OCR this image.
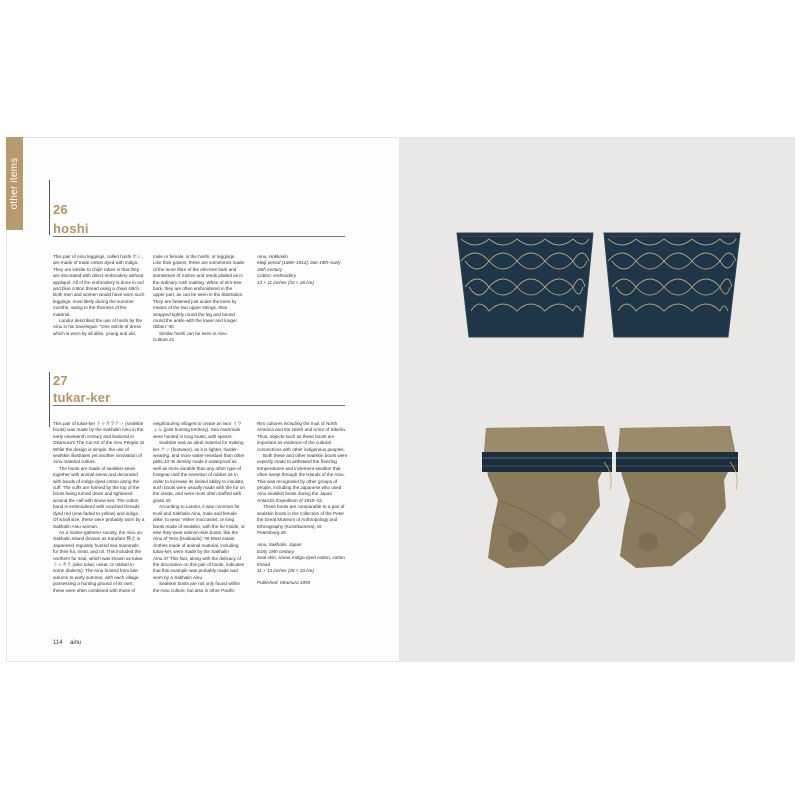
other items
26
hoshi

This pair of Ainu leggings, called hoshi ホシ, are made of trade cotton dyed with indigo. They are similar to chijiri robes in that they are decorated with direct embroidery without appliqué. All of the embroidery is done in red and blue cotton thread using a chain stitch. Both men and women would have worn such leggings, most likely during the summer months, owing to the thinness of the material.

Landor described the use of hoshi by the Ainu in his travelogue: "One article of dress which is worn by all alike, young and old,

male or female, is the hoshi, or leggings. Like their gowns, these are sometimes made of the inner fibre of the elm-tree bark and sometimes of rushes and reeds plaited as in the ordinary rush matting. When of elm-tree bark, they are often embroidered in the upper part, as can be seen in the illustration. They are fastened just under the knee by means of the two upper strings, then wrapped tightly round the leg and bound round the ankle with the lower and longer ribbon."40

Similar hoshi can be seen in Ainu Culture.41

Ainu, Hokkaido
Meiji period (1868–1912), late 19th–early 20th century
Cotton; embroidery
13 × 11 inches (33 × 28 cm)
27
tukar-ker

This pair of tukar-ker トゥカラケㇼ (sealskin boots) was made by the Sakhalin Ainu in the early nineteenth century and featured in Okamura's The Cut Art of the Ainu People.42 While the design is simple, the use of sealskin illustrates yet another innovation of Ainu material culture.

The boots are made of sealskin sewn together with animal sinew and decorated with bands of indigo-dyed cotton along the cuff. The cuffs are formed by the top of the boots being turned down and tightened around the calf with sinew ties. The cotton band is embroidered with couched threads dyed red (now faded to yellow) and indigo. Of small size, these were probably worn by a Sakhalin Ainu woman.

As a hunter-gatherer society, the Ainu on Sakhalin Island (known as Karafuto 樺太 in Japanese) regularly hunted sea mammals for their fur, meat, and oil. This included the northern fur seal, which was known as tukar トゥカラ (also tukar, nukar, or tokkari in some dialects). The Ainu hunted from late autumn to early summer, with each village possessing a hunting ground of its own; these were often combined with those of

neighbouring villages to create an iwor イウォル (joint hunting territory). Sea mammals were hunted in long boats, with spears.

Sealskin was an ideal material for making ker ケㇼ (footwear), as it is lighter, harder-wearing, and more water-resistant than other pelts.43 Its density made it waterproof as well as more durable than any other type of footgear until the invention of rubber.44 In order to increase its limited ability to insulate, such boots were usually made with the fur on the inside, and were most often stuffed with grass.45

According to Landor, it was common for Kuril and Sakhalin Ainu, male and female alike, to wear "either moccasins, or long boots made of sealskin, with the fur inside, or else they wear salmon-skin boots, like the Ainu of Yezo [Hokkaido]."46 Most extant clothes made of animal material, including tukar-ker, were made by the Sakhalin Ainu.47 This fact, along with the delicacy of the decoration on this pair of boots, indicates that this example was probably made and worn by a Sakhalin Ainu.

Sealskin boots are not only found within the Ainu culture, but also in other Pacific

Rim cultures including the Inuit of North America and the Nivkh and Amur of Siberia. Thus, objects such as these boots are important as evidence of the cultural connections with other indigenous peoples.

Both these and other sealskin boots were expertly made to withstand the freezing temperatures and inclement weather that often swept through the islands of the Ainu. This was recognised by other groups of people, including the Japanese who used Ainu sealskin boots during the Japan Antarctic Expedition of 1910–12.

These boots are comparable to a pair of sealskin boots in the collection of the Peter the Great Museum of Anthropology and Ethnography (Kunstkamera), St. Petersburg.48

Ainu, Sakhalin, Japan
Early 19th century
Seal skin, sinew, indigo-dyed cotton, cotton thread
11 × 13 inches (28 × 33 cm)

Published: Okamura 1993

114 ainu
